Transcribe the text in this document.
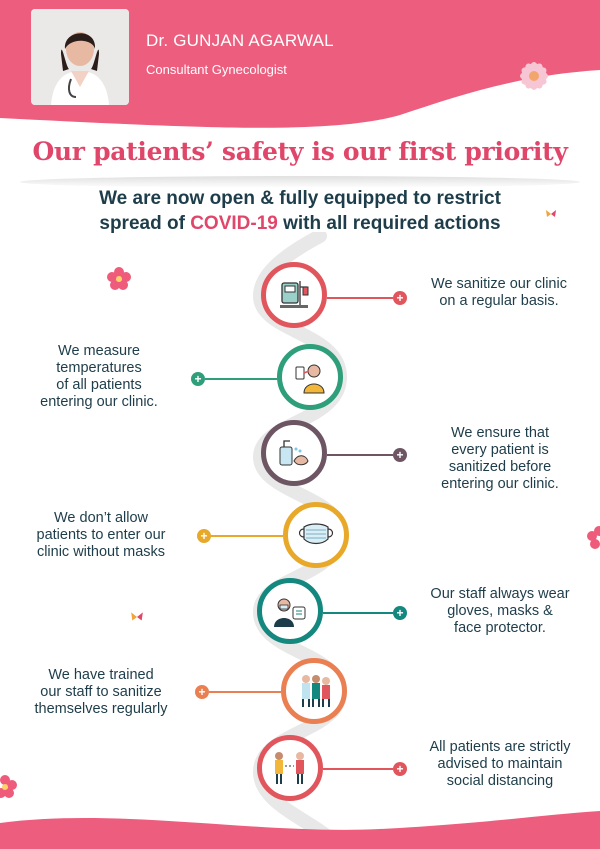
Dr. GUNJAN AGARWAL
Consultant Gynecologist
Our patients’ safety is our first priority
We are now open & fully equipped to restrict
spread of COVID-19 with all required actions
+
We sanitize our clinic
on a regular basis.
+
We measure
temperatures
of all patients
entering our clinic.
+
We ensure that
every patient is
sanitized before
entering our clinic.
+
We don’t allow
patients to enter our
clinic without masks
+
Our staff always wear
gloves, masks &
face protector.
+
We have trained
our staff to sanitize
themselves regularly
+
All patients are strictly
advised to maintain
social distancing
